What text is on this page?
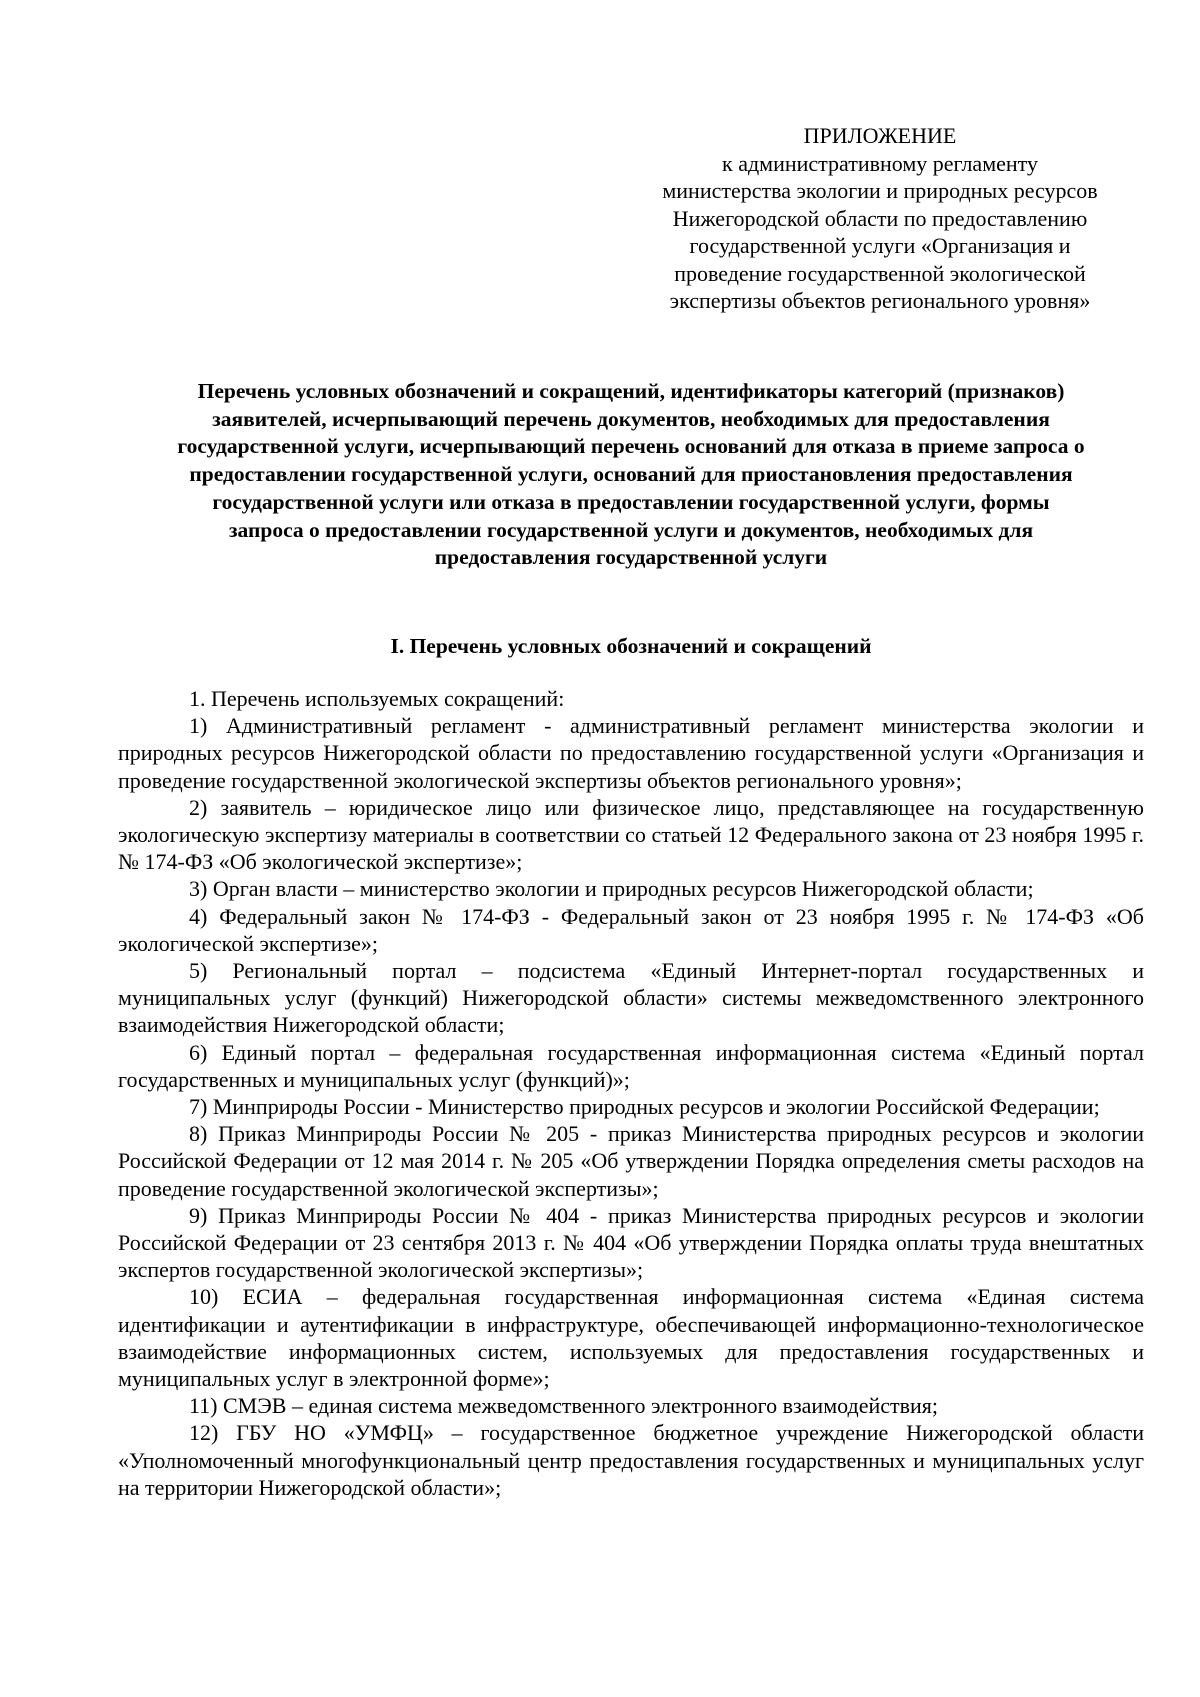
ПРИЛОЖЕНИЕ
к административному регламенту
министерства экологии и природных ресурсов
Нижегородской области по предоставлению
государственной услуги «Организация и
проведение государственной экологической
экспертизы объектов регионального уровня»
Перечень условных обозначений и сокращений, идентификаторы категорий (признаков)
заявителей, исчерпывающий перечень документов, необходимых для предоставления
государственной услуги, исчерпывающий перечень оснований для отказа в приеме запроса о
предоставлении государственной услуги, оснований для приостановления предоставления
государственной услуги или отказа в предоставлении государственной услуги, формы
запроса о предоставлении государственной услуги и документов, необходимых для
предоставления государственной услуги
I. Перечень условных обозначений и сокращений

1. Перечень используемых сокращений:

1) Административный регламент - административный регламент министерства экологии и природных ресурсов Нижегородской области по предоставлению государственной услуги «Организация и проведение государственной экологической экспертизы объектов регионального уровня»;

2) заявитель – юридическое лицо или физическое лицо, представляющее на государственную экологическую экспертизу материалы в соответствии со статьей 12 Федерального закона от 23 ноября 1995 г. № 174-ФЗ «Об экологической экспертизе»;

3) Орган власти – министерство экологии и природных ресурсов Нижегородской области;

4) Федеральный закон № 174-ФЗ - Федеральный закон от 23 ноября 1995 г. № 174-ФЗ «Об экологической экспертизе»;

5) Региональный портал – подсистема «Единый Интернет-портал государственных и муниципальных услуг (функций) Нижегородской области» системы межведомственного электронного взаимодействия Нижегородской области;

6) Единый портал – федеральная государственная информационная система «Единый портал государственных и муниципальных услуг (функций)»;

7) Минприроды России - Министерство природных ресурсов и экологии Российской Федерации;

8) Приказ Минприроды России № 205 - приказ Министерства природных ресурсов и экологии Российской Федерации от 12 мая 2014 г. № 205 «Об утверждении Порядка определения сметы расходов на проведение государственной экологической экспертизы»;

9) Приказ Минприроды России № 404 - приказ Министерства природных ресурсов и экологии Российской Федерации от 23 сентября 2013 г. № 404 «Об утверждении Порядка оплаты труда внештатных экспертов государственной экологической экспертизы»;

10) ЕСИА – федеральная государственная информационная система «Единая система идентификации и аутентификации в инфраструктуре, обеспечивающей информационно-технологическое взаимодействие информационных систем, используемых для предоставления государственных и муниципальных услуг в электронной форме»;

11) СМЭВ – единая система межведомственного электронного взаимодействия;

12) ГБУ НО «УМФЦ» – государственное бюджетное учреждение Нижегородской области «Уполномоченный многофункциональный центр предоставления государственных и муниципальных услуг на территории Нижегородской области»;
